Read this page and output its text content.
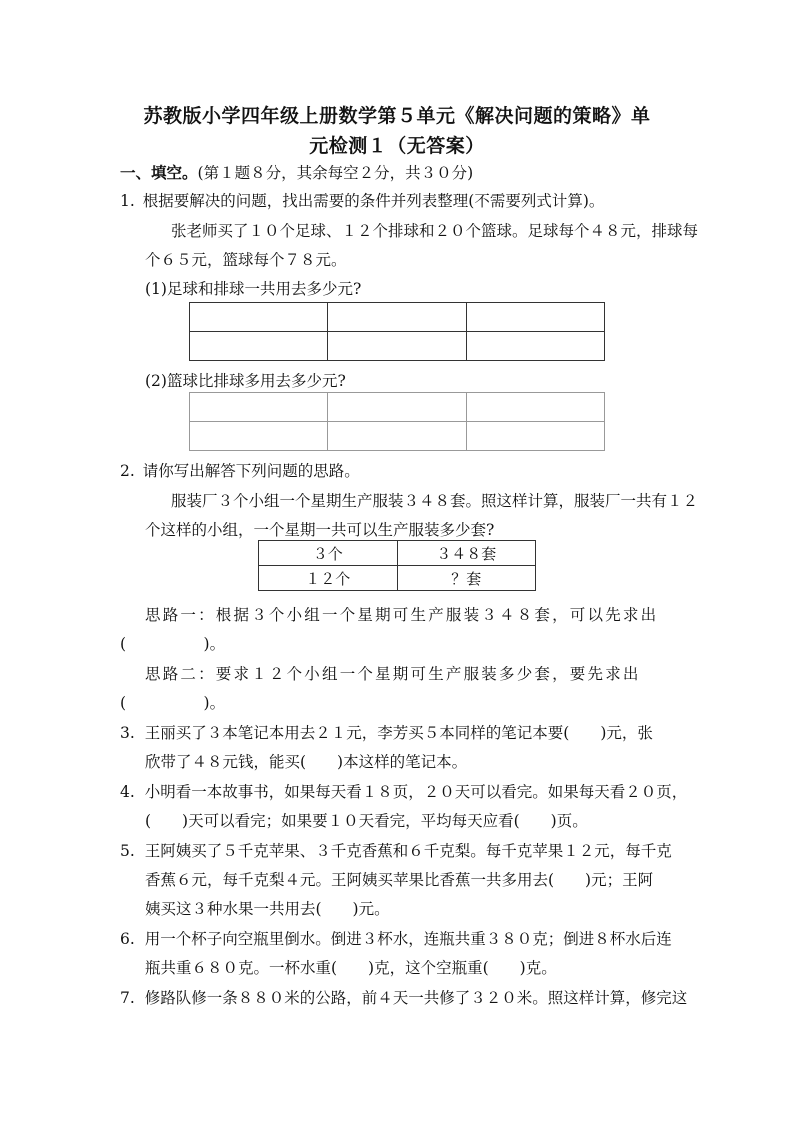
苏教版小学四年级上册数学第５单元《解决问题的策略》单
元检测１（无答案）
一、填空。(第１题８分，其余每空２分，共３０分)
1. 根据要解决的问题，找出需要的条件并列表整理(不需要列式计算)。
张老师买了１０个足球、１２个排球和２０个篮球。足球每个４８元，排球每
个６５元，篮球每个７８元。
(1)足球和排球一共用去多少元?

(2)篮球比排球多用去多少元?

2. 请你写出解答下列问题的思路。
服装厂３个小组一个星期生产服装３４８套。照这样计算，服装厂一共有１２
个这样的小组，一个星期一共可以生产服装多少套?
３个	３４８套
１２个	？套
思路一：根据３个小组一个星期可生产服装３４８套，可以先求出
(　　　　　)。
思路二：要求１２个小组一个星期可生产服装多少套，要先求出
(　　　　　)。
3. 王丽买了３本笔记本用去２１元，李芳买５本同样的笔记本要(　　)元，张
欣带了４８元钱，能买(　　)本这样的笔记本。
4. 小明看一本故事书，如果每天看１８页，２０天可以看完。如果每天看２０页，
(　　)天可以看完；如果要１０天看完，平均每天应看(　　)页。
5. 王阿姨买了５千克苹果、３千克香蕉和６千克梨。每千克苹果１２元，每千克
香蕉６元，每千克梨４元。王阿姨买苹果比香蕉一共多用去(　　)元；王阿
姨买这３种水果一共用去(　　)元。
6. 用一个杯子向空瓶里倒水。倒进３杯水，连瓶共重３８０克；倒进８杯水后连
瓶共重６８０克。一杯水重(　　)克，这个空瓶重(　　)克。
7. 修路队修一条８８０米的公路，前４天一共修了３２０米。照这样计算，修完这
